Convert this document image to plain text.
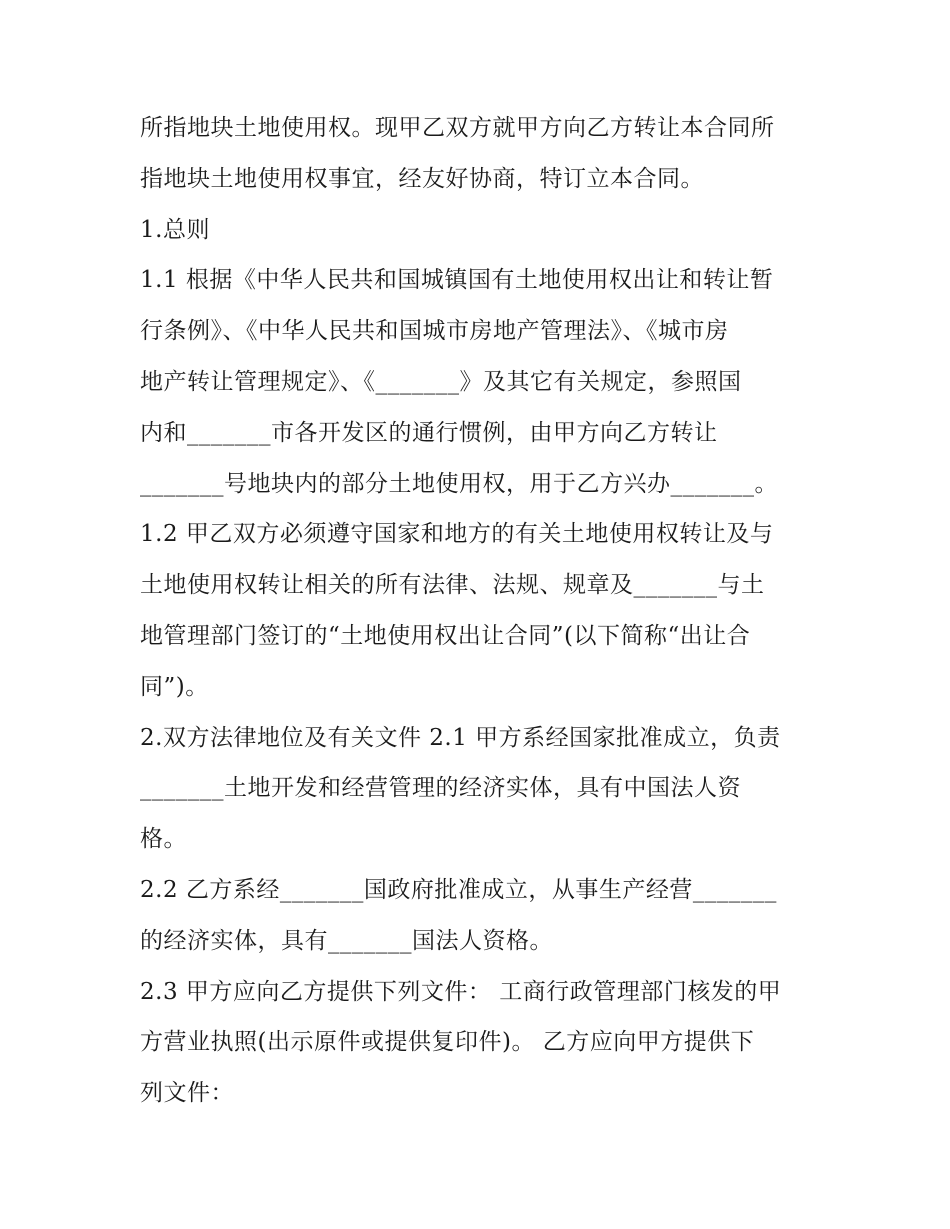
所指地块土地使用权。现甲乙双方就甲方向乙方转让本合同所
指地块土地使用权事宜，经友好协商，特订立本合同。
1.总则
1.1 根据《中华人民共和国城镇国有土地使用权出让和转让暂
行条例》、《中华人民共和国城市房地产管理法》、《城市房
地产转让管理规定》、《_______》及其它有关规定，参照国
内和_______市各开发区的通行惯例，由甲方向乙方转让
_______号地块内的部分土地使用权，用于乙方兴办_______。
1.2 甲乙双方必须遵守国家和地方的有关土地使用权转让及与
土地使用权转让相关的所有法律、法规、规章及_______与土
地管理部门签订的“土地使用权出让合同”(以下简称“出让合
同”)。
2.双方法律地位及有关文件 2.1 甲方系经国家批准成立，负责
_______土地开发和经营管理的经济实体，具有中国法人资
格。
2.2 乙方系经_______国政府批准成立，从事生产经营_______
的经济实体，具有_______国法人资格。
2.3 甲方应向乙方提供下列文件： 工商行政管理部门核发的甲
方营业执照(出示原件或提供复印件)。 乙方应向甲方提供下
列文件：
